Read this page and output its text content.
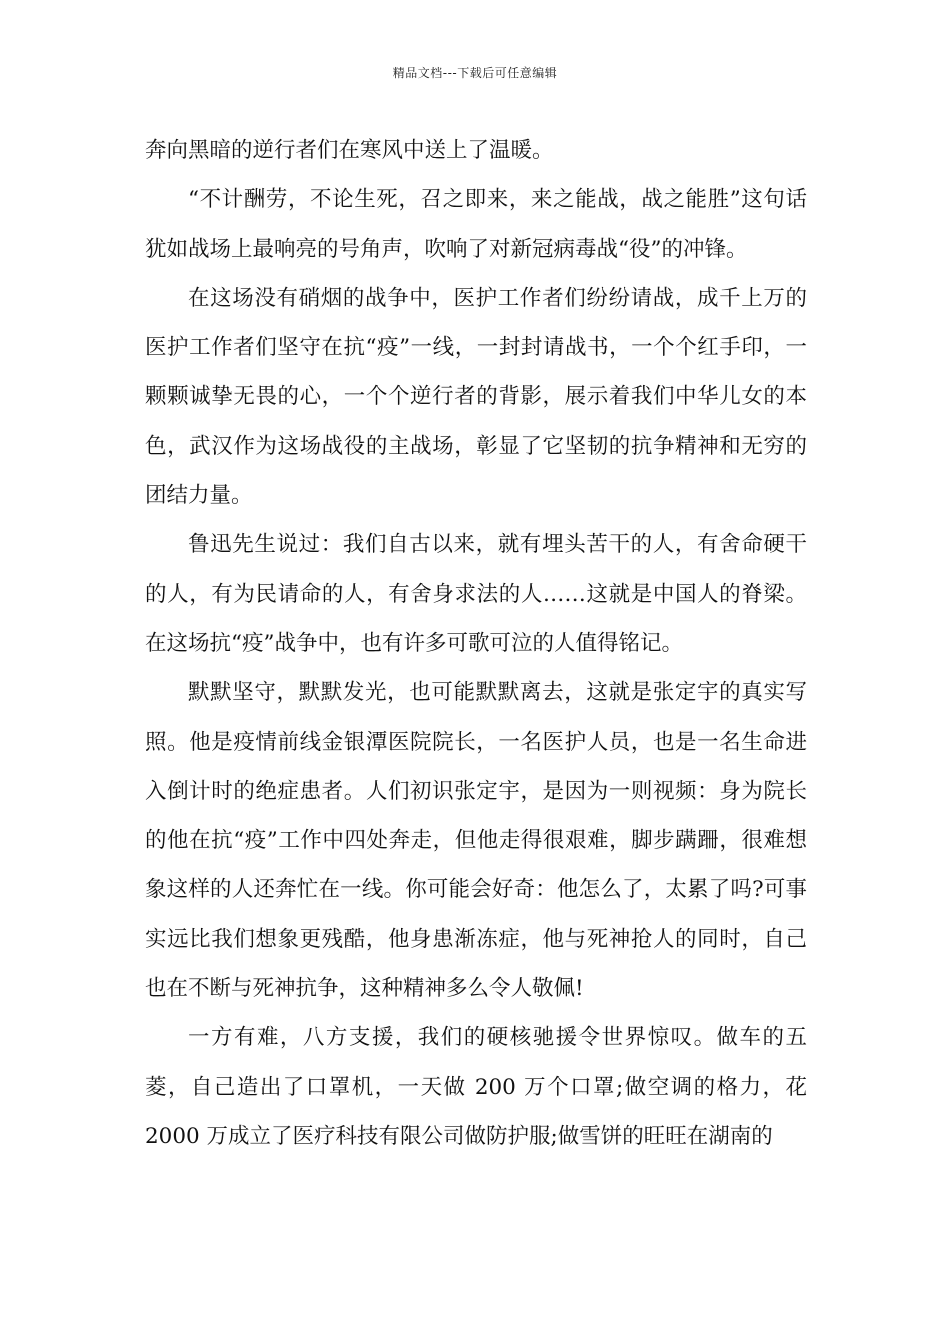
精品文档---下载后可任意编辑

奔向黑暗的逆行者们在寒风中送上了温暖。

“不计酬劳，不论生死，召之即来，来之能战，战之能胜”这句话犹如战场上最响亮的号角声，吹响了对新冠病毒战“役”的冲锋。

在这场没有硝烟的战争中，医护工作者们纷纷请战，成千上万的医护工作者们坚守在抗“疫”一线，一封封请战书，一个个红手印，一颗颗诚挚无畏的心，一个个逆行者的背影，展示着我们中华儿女的本色，武汉作为这场战役的主战场，彰显了它坚韧的抗争精神和无穷的团结力量。

鲁迅先生说过：我们自古以来，就有埋头苦干的人，有舍命硬干的人，有为民请命的人，有舍身求法的人……这就是中国人的脊梁。在这场抗“疫”战争中，也有许多可歌可泣的人值得铭记。

默默坚守，默默发光，也可能默默离去，这就是张定宇的真实写照。他是疫情前线金银潭医院院长，一名医护人员，也是一名生命进入倒计时的绝症患者。人们初识张定宇，是因为一则视频：身为院长的他在抗“疫”工作中四处奔走，但他走得很艰难，脚步蹒跚，很难想象这样的人还奔忙在一线。你可能会好奇：他怎么了，太累了吗?可事实远比我们想象更残酷，他身患渐冻症，他与死神抢人的同时，自己也在不断与死神抗争，这种精神多么令人敬佩!

一方有难，八方支援，我们的硬核驰援令世界惊叹。做车的五菱，自己造出了口罩机，一天做 200 万个口罩;做空调的格力，花2000 万成立了医疗科技有限公司做防护服;做雪饼的旺旺在湖南的
